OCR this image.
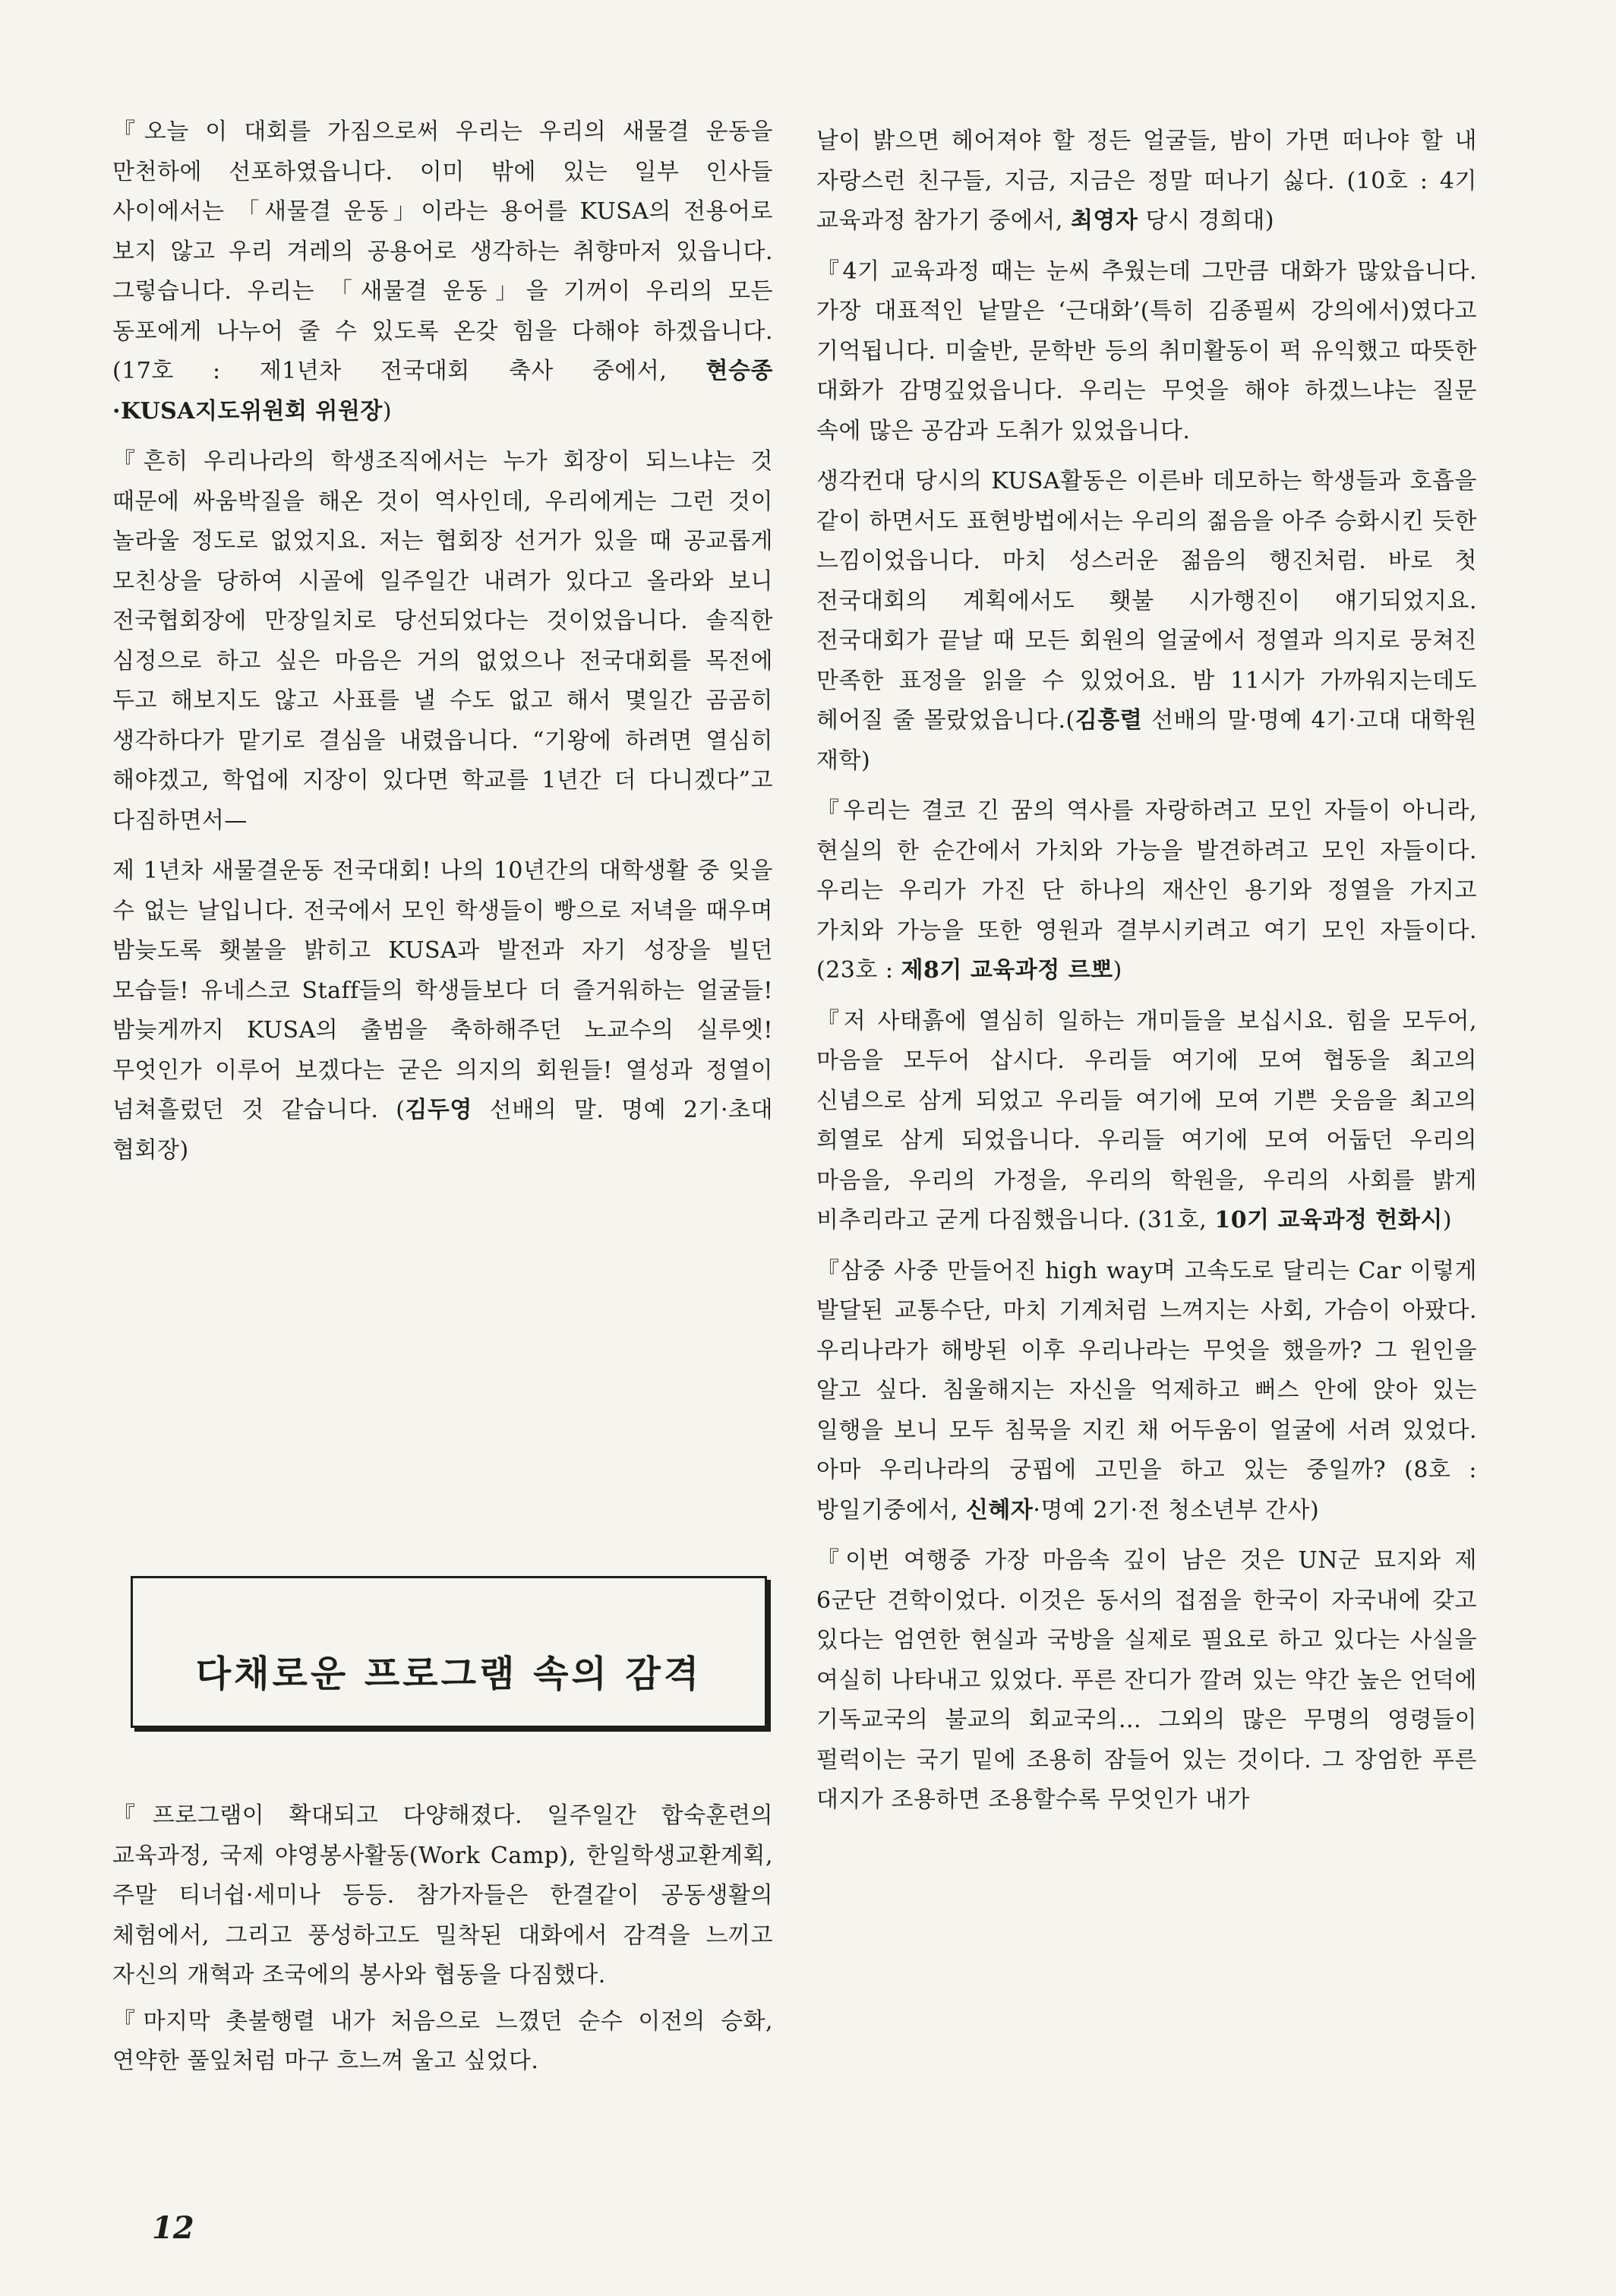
『오늘 이 대회를 가짐으로써 우리는 우리의 새물결 운동을 만천하에 선포하였읍니다. 이미 밖에 있는 일부 인사들 사이에서는 「새물결 운동」이라는 용어를 KUSA의 전용어로 보지 않고 우리 겨레의 공용어로 생각하는 취향마저 있읍니다. 그렇습니다. 우리는 「새물결 운동」을 기꺼이 우리의 모든 동포에게 나누어 줄 수 있도록 온갖 힘을 다해야 하겠읍니다.(17호 : 제1년차 전국대회 축사 중에서, 현승종·KUSA지도위원회 위원장)

『흔히 우리나라의 학생조직에서는 누가 회장이 되느냐는 것 때문에 싸움박질을 해온 것이 역사인데, 우리에게는 그런 것이 놀라울 정도로 없었지요. 저는 협회장 선거가 있을 때 공교롭게 모친상을 당하여 시골에 일주일간 내려가 있다고 올라와 보니 전국협회장에 만장일치로 당선되었다는 것이었읍니다. 솔직한 심정으로 하고 싶은 마음은 거의 없었으나 전국대회를 목전에 두고 해보지도 않고 사표를 낼 수도 없고 해서 몇일간 곰곰히 생각하다가 맡기로 결심을 내렸읍니다. “기왕에 하려면 열심히 해야겠고, 학업에 지장이 있다면 학교를 1년간 더 다니겠다”고 다짐하면서—

제 1년차 새물결운동 전국대회! 나의 10년간의 대학생활 중 잊을 수 없는 날입니다. 전국에서 모인 학생들이 빵으로 저녁을 때우며 밤늦도록 횃불을 밝히고 KUSA과 발전과 자기 성장을 빌던 모습들! 유네스코 Staff들의 학생들보다 더 즐거워하는 얼굴들! 밤늦게까지 KUSA의 출범을 축하해주던 노교수의 실루엣! 무엇인가 이루어 보겠다는 굳은 의지의 회원들! 열성과 정열이 넘쳐흘렀던 것 같습니다. (김두영 선배의 말. 명예 2기·초대 협회장)

다채로운 프로그램 속의 감격

『프로그램이 확대되고 다양해졌다. 일주일간 합숙훈련의 교육과정, 국제 야영봉사활동(Work Camp), 한일학생교환계획, 주말 티너쉽·세미나 등등. 참가자들은 한결같이 공동생활의 체험에서, 그리고 풍성하고도 밀착된 대화에서 감격을 느끼고 자신의 개혁과 조국에의 봉사와 협동을 다짐했다.

『마지막 촛불행렬 내가 처음으로 느꼈던 순수 이전의 승화, 연약한 풀잎처럼 마구 흐느껴 울고 싶었다.

날이 밝으면 헤어져야 할 정든 얼굴들, 밤이 가면 떠나야 할 내 자랑스런 친구들, 지금, 지금은 정말 떠나기 싫다. (10호 : 4기 교육과정 참가기 중에서, 최영자 당시 경희대)

『4기 교육과정 때는 눈씨 추웠는데 그만큼 대화가 많았읍니다. 가장 대표적인 낱말은 ‘근대화’(특히 김종필씨 강의에서)였다고 기억됩니다. 미술반, 문학반 등의 취미활동이 퍽 유익했고 따뜻한 대화가 감명깊었읍니다. 우리는 무엇을 해야 하겠느냐는 질문 속에 많은 공감과 도취가 있었읍니다.

생각컨대 당시의 KUSA활동은 이른바 데모하는 학생들과 호흡을 같이 하면서도 표현방법에서는 우리의 젊음을 아주 승화시킨 듯한 느낌이었읍니다. 마치 성스러운 젊음의 행진처럼. 바로 첫 전국대회의 계획에서도 횃불 시가행진이 얘기되었지요. 전국대회가 끝날 때 모든 회원의 얼굴에서 정열과 의지로 뭉쳐진 만족한 표정을 읽을 수 있었어요. 밤 11시가 가까워지는데도 헤어질 줄 몰랐었읍니다.(김흥렬 선배의 말·명예 4기·고대 대학원 재학)

『우리는 결코 긴 꿈의 역사를 자랑하려고 모인 자들이 아니라, 현실의 한 순간에서 가치와 가능을 발견하려고 모인 자들이다. 우리는 우리가 가진 단 하나의 재산인 용기와 정열을 가지고 가치와 가능을 또한 영원과 결부시키려고 여기 모인 자들이다. (23호 : 제8기 교육과정 르뽀)

『저 사태흙에 열심히 일하는 개미들을 보십시요. 힘을 모두어, 마음을 모두어 삽시다. 우리들 여기에 모여 협동을 최고의 신념으로 삼게 되었고 우리들 여기에 모여 기쁜 웃음을 최고의 희열로 삼게 되었읍니다. 우리들 여기에 모여 어둡던 우리의 마음을, 우리의 가정을, 우리의 학원을, 우리의 사회를 밝게 비추리라고 굳게 다짐했읍니다. (31호, 10기 교육과정 헌화시)

『삼중 사중 만들어진 high way며 고속도로 달리는 Car 이렇게 발달된 교통수단, 마치 기계처럼 느껴지는 사회, 가슴이 아팠다. 우리나라가 해방된 이후 우리나라는 무엇을 했을까? 그 원인을 알고 싶다. 침울해지는 자신을 억제하고 뻐스 안에 앉아 있는 일행을 보니 모두 침묵을 지킨 채 어두움이 얼굴에 서려 있었다. 아마 우리나라의 궁핍에 고민을 하고 있는 중일까? (8호 : 방일기중에서, 신혜자·명예 2기·전 청소년부 간사)

『이번 여행중 가장 마음속 깊이 남은 것은 UN군 묘지와 제 6군단 견학이었다. 이것은 동서의 접점을 한국이 자국내에 갖고 있다는 엄연한 현실과 국방을 실제로 필요로 하고 있다는 사실을 여실히 나타내고 있었다. 푸른 잔디가 깔려 있는 약간 높은 언덕에 기독교국의 불교의 회교국의… 그외의 많은 무명의 영령들이 펄럭이는 국기 밑에 조용히 잠들어 있는 것이다. 그 장엄한 푸른 대지가 조용하면 조용할수록 무엇인가 내가

12
